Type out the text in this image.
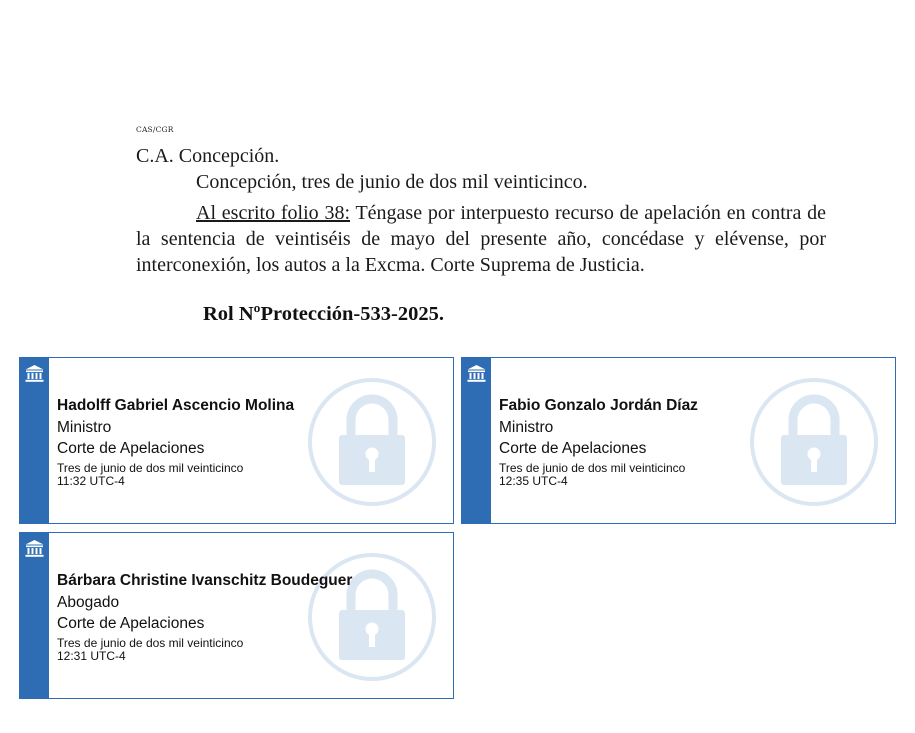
CAS/CGR
C.A. Concepción.
Concepción, tres de junio de dos mil veinticinco.
Al escrito folio 38: Téngase por interpuesto recurso de apelación en contra de la sentencia de veintiséis de mayo del presente año, concédase y elévense, por interconexión, los autos a la Excma. Corte Suprema de Justicia.
Rol NºProtección-533-2025.
Hadolff Gabriel Ascencio Molina
Ministro
Corte de Apelaciones
Tres de junio de dos mil veinticinco
11:32 UTC-4
Fabio Gonzalo Jordán Díaz
Ministro
Corte de Apelaciones
Tres de junio de dos mil veinticinco
12:35 UTC-4
Bárbara Christine Ivanschitz Boudeguer
Abogado
Corte de Apelaciones
Tres de junio de dos mil veinticinco
12:31 UTC-4
